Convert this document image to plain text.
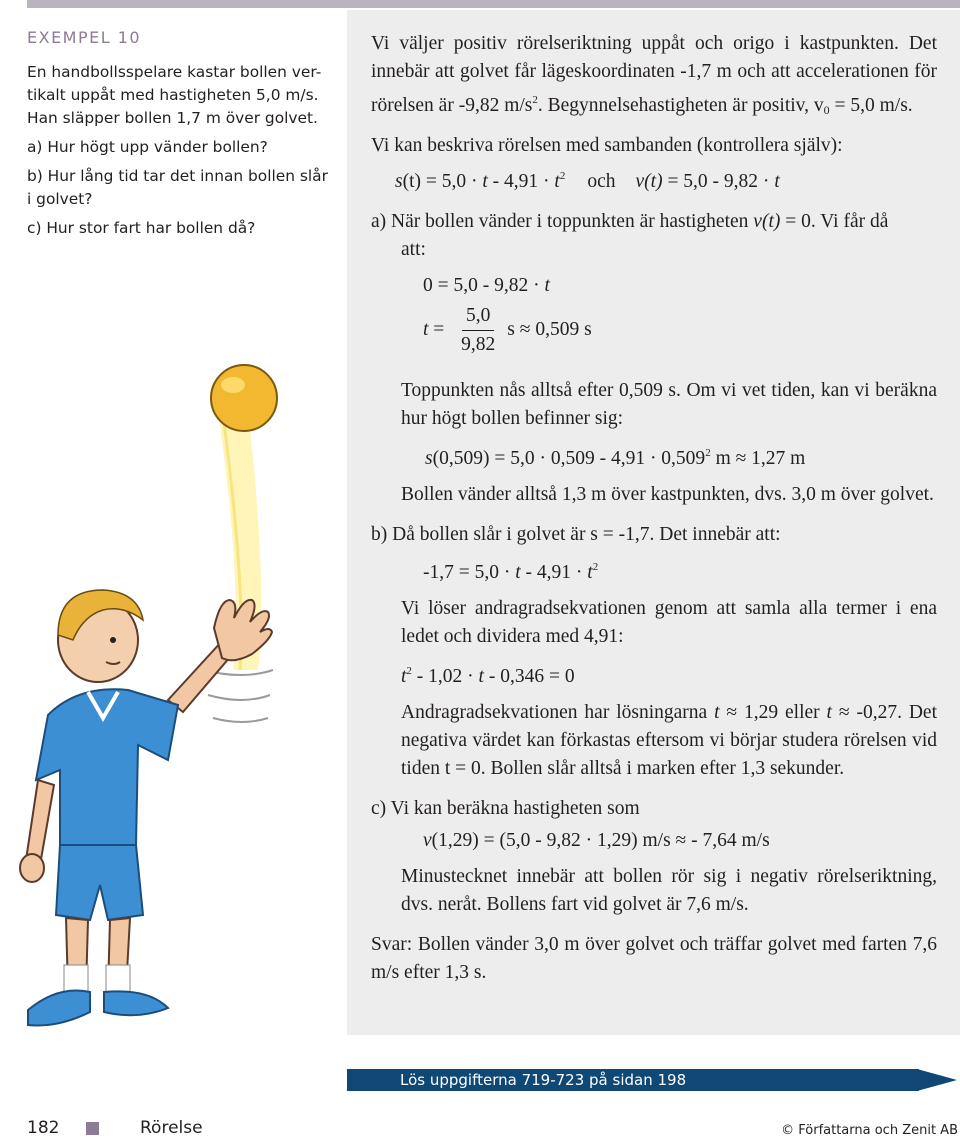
EXEMPEL 10

En handbollsspelare kastar bollen ver-

tikalt uppåt med hastigheten 5,0 m/s.

Han släpper bollen 1,7 m över golvet.

a) Hur högt upp vänder bollen?

b) Hur lång tid tar det innan bollen slår

i golvet?

c) Hur stor fart har bollen då?

Vi väljer positiv rörelseriktning uppåt och origo i kastpunkten. Det innebär att golvet får lägeskoordinaten -1,7 m och att accelerationen för rörelsen är -9,82 $m/s^2$. Begynnelsehastigheten är positiv, $v_0 = 5,0$ m/s.

Vi kan beskriva rörelsen med sambanden (kontrollera själv):

$s(t) = 5,0 \cdot t - 4,91 \cdot t^2$ och v(t) = 5,0 - 9,82 · t

a) När bollen vänder i toppunkten är hastigheten v(t) = 0. Vi får då

att:

0 = 5,0 - 9,82 · t

$t = \frac{5,0}{9,82}$ s ≈ 0,509 s

Toppunkten nås alltså efter 0,509 s. Om vi vet tiden, kan vi beräkna hur högt bollen befinner sig:

$s(0,509) = 5,0 \cdot 0,509 - 4,91 \cdot 0,509^2$ m ≈ 1,27 m

Bollen vänder alltså 1,3 m över kastpunkten, dvs. 3,0 m över golvet.

b) Då bollen slår i golvet är s = -1,7. Det innebär att:

$-1,7 = 5,0 \cdot t - 4,91 \cdot t^2$

Vi löser andragradsekvationen genom att samla alla termer i ena ledet och dividera med 4,91:

$t^2 - 1,02 \cdot t - 0,346 = 0$

Andragradsekvationen har lösningarna t ≈ 1,29 eller t ≈ -0,27. Det negativa värdet kan förkastas eftersom vi börjar studera rörelsen vid tiden t = 0. Bollen slår alltså i marken efter 1,3 sekunder.

c) Vi kan beräkna hastigheten som

v(1,29) = (5,0 - 9,82 · 1,29) m/s ≈ - 7,64 m/s

Minustecknet innebär att bollen rör sig i negativ rörelseriktning, dvs. neråt. Bollens fart vid golvet är 7,6 m/s.

Svar: Bollen vänder 3,0 m över golvet och träffar golvet med farten 7,6 m/s efter 1,3 s.

Lös uppgifterna 719-723 på sidan 198
182	Rörelse	© Författarna och Zenit AB
